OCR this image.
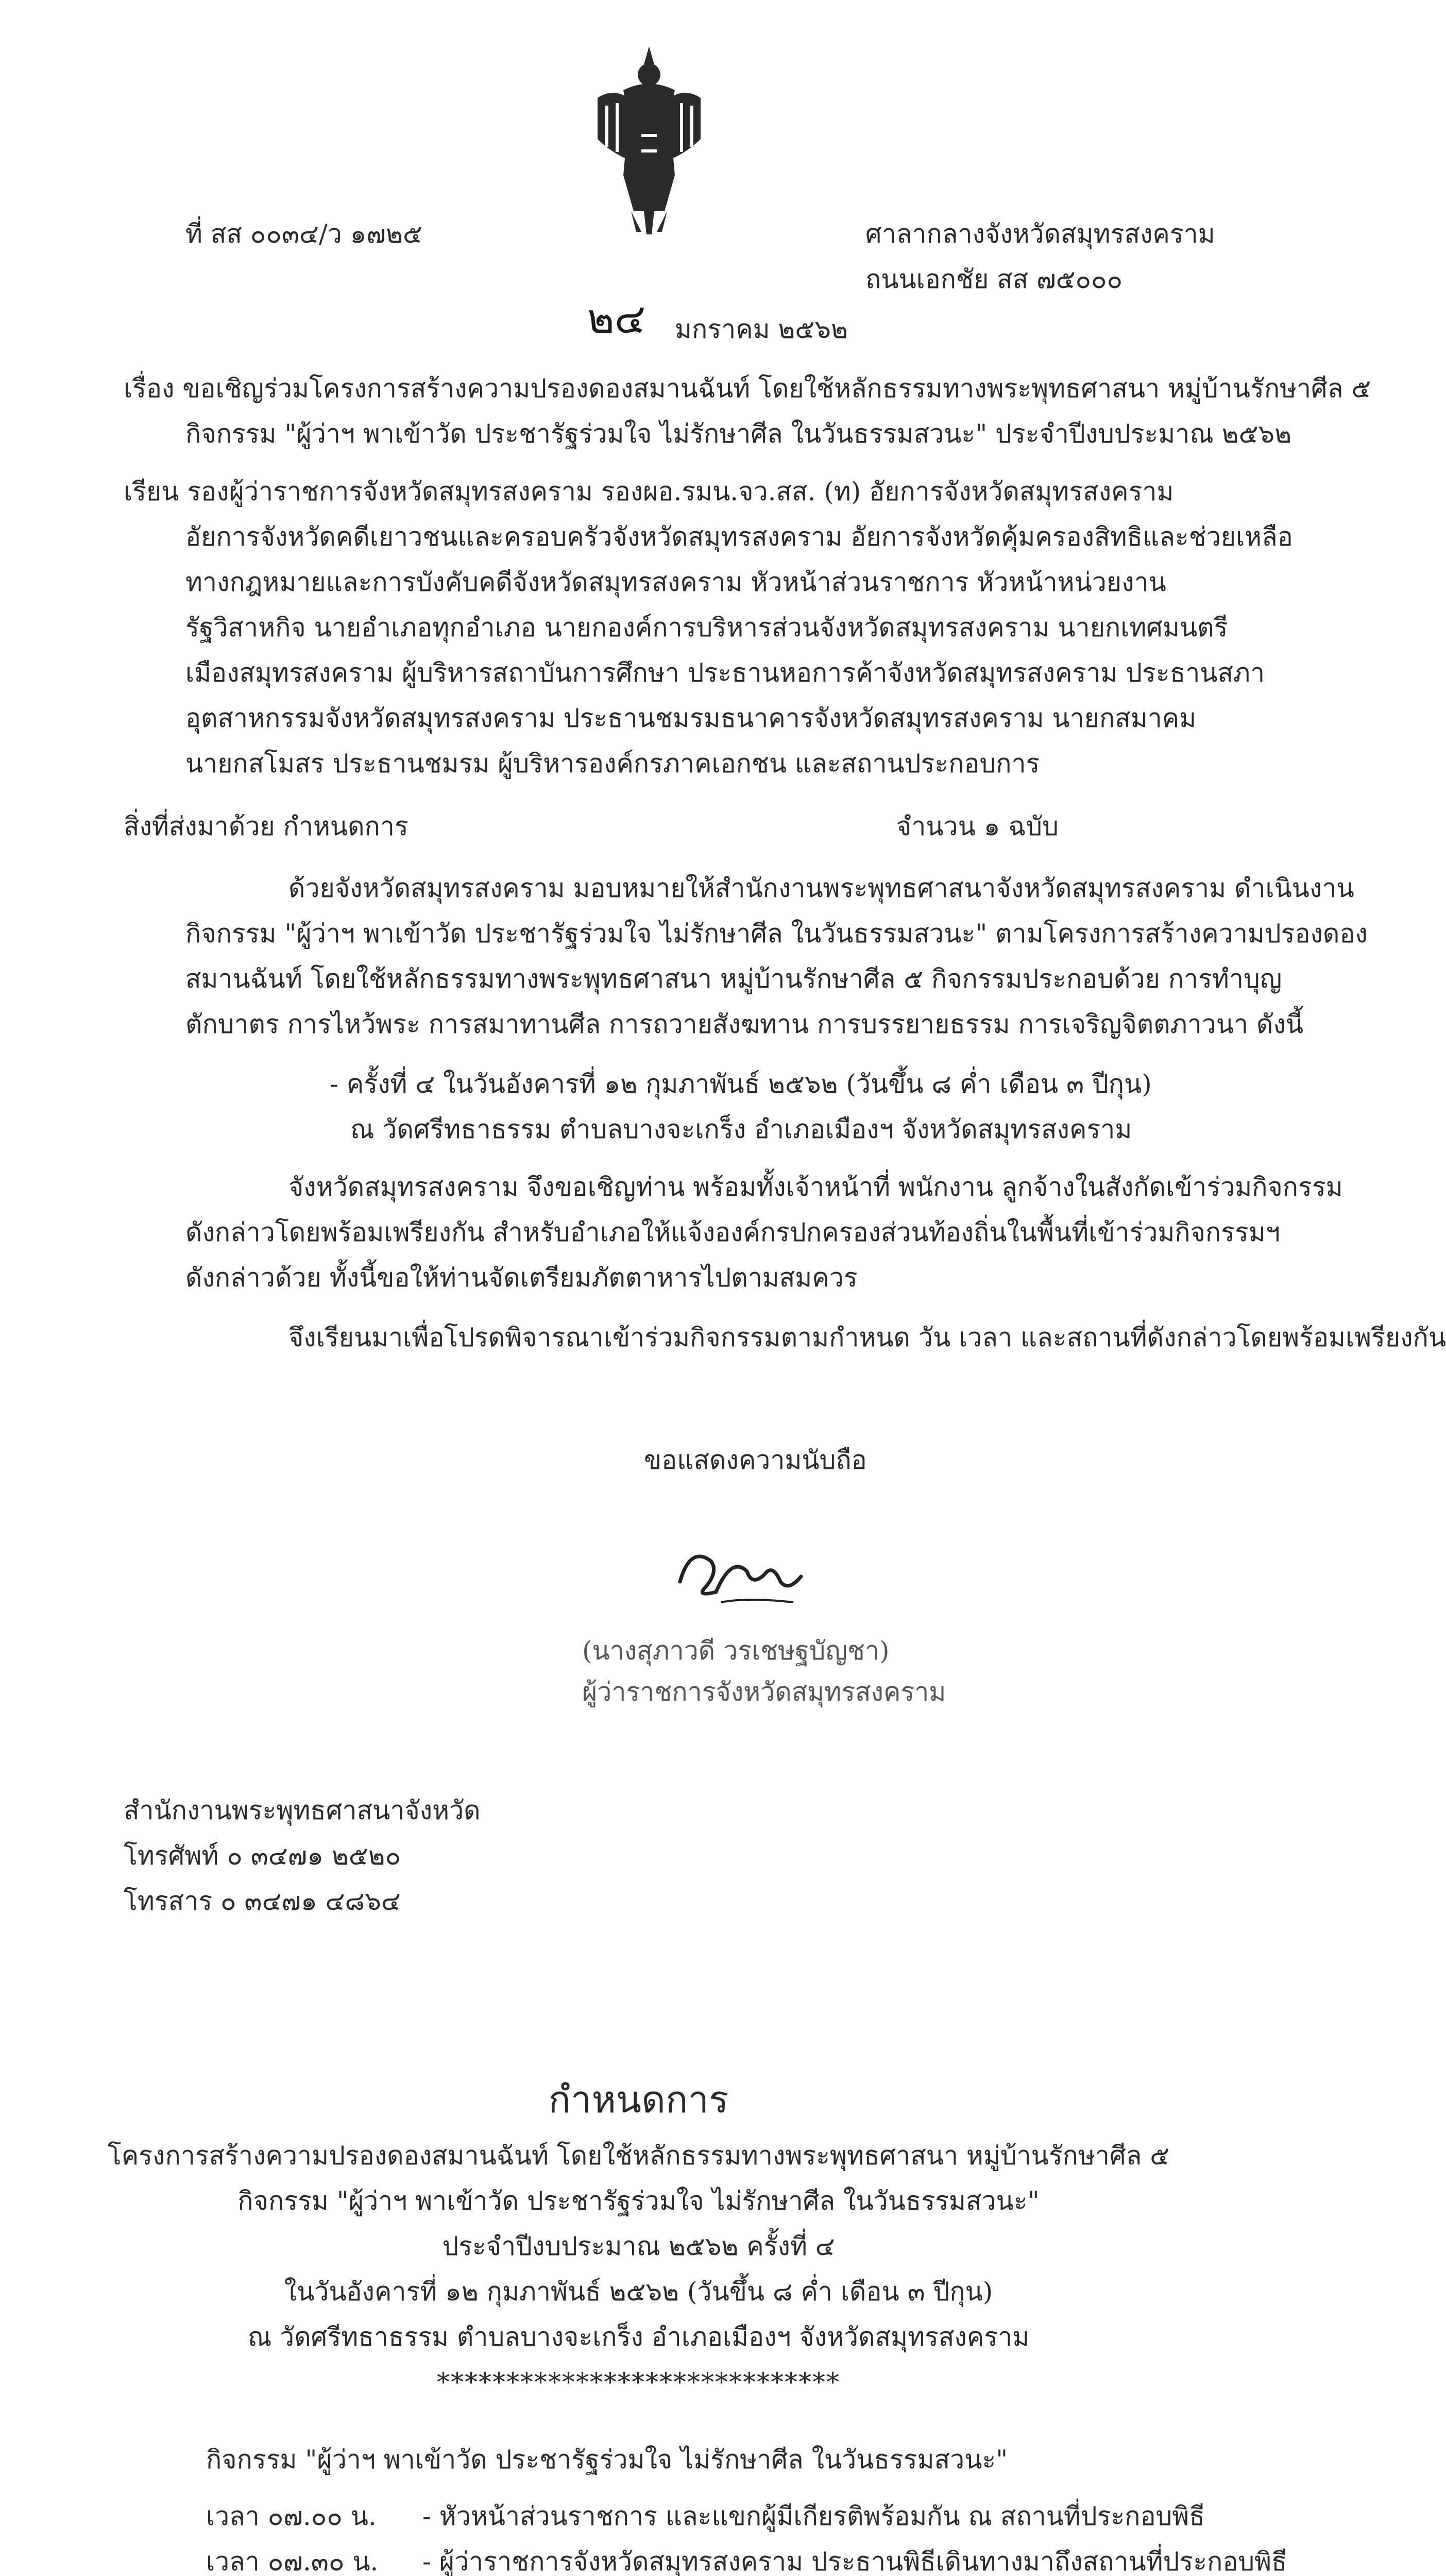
ที่ สส ๐๐๓๔/ว ๑๗๒๕	ศาลากลางจังหวัดสมุทรสงคราม
ถนนเอกชัย สส ๗๕๐๐๐
๒๔ มกราคม ๒๕๖๒
เรื่อง ขอเชิญร่วมโครงการสร้างความปรองดองสมานฉันท์ โดยใช้หลักธรรมทางพระพุทธศาสนา หมู่บ้านรักษาศีล ๕
กิจกรรม "ผู้ว่าฯ พาเข้าวัด ประชารัฐร่วมใจ ไม่รักษาศีล ในวันธรรมสวนะ" ประจำปีงบประมาณ ๒๕๖๒
เรียน รองผู้ว่าราชการจังหวัดสมุทรสงคราม รองผอ.รมน.จว.สส. (ท) อัยการจังหวัดสมุทรสงคราม
อัยการจังหวัดคดีเยาวชนและครอบครัวจังหวัดสมุทรสงคราม อัยการจังหวัดคุ้มครองสิทธิและช่วยเหลือ
ทางกฎหมายและการบังคับคดีจังหวัดสมุทรสงคราม หัวหน้าส่วนราชการ หัวหน้าหน่วยงาน
รัฐวิสาหกิจ นายอำเภอทุกอำเภอ นายกองค์การบริหารส่วนจังหวัดสมุทรสงคราม นายกเทศมนตรี
เมืองสมุทรสงคราม ผู้บริหารสถาบันการศึกษา ประธานหอการค้าจังหวัดสมุทรสงคราม ประธานสภา
อุตสาหกรรมจังหวัดสมุทรสงคราม ประธานชมรมธนาคารจังหวัดสมุทรสงคราม นายกสมาคม
นายกสโมสร ประธานชมรม ผู้บริหารองค์กรภาคเอกชน และสถานประกอบการ
สิ่งที่ส่งมาด้วย กำหนดการ	จำนวน ๑ ฉบับ
ด้วยจังหวัดสมุทรสงคราม มอบหมายให้สำนักงานพระพุทธศาสนาจังหวัดสมุทรสงคราม ดำเนินงาน
กิจกรรม "ผู้ว่าฯ พาเข้าวัด ประชารัฐร่วมใจ ไม่รักษาศีล ในวันธรรมสวนะ" ตามโครงการสร้างความปรองดอง
สมานฉันท์ โดยใช้หลักธรรมทางพระพุทธศาสนา หมู่บ้านรักษาศีล ๕ กิจกรรมประกอบด้วย การทำบุญ
ตักบาตร การไหว้พระ การสมาทานศีล การถวายสังฆทาน การบรรยายธรรม การเจริญจิตตภาวนา ดังนี้
- ครั้งที่ ๔ ในวันอังคารที่ ๑๒ กุมภาพันธ์ ๒๕๖๒ (วันขึ้น ๘ ค่ำ เดือน ๓ ปีกุน)
ณ วัดศรีทธาธรรม ตำบลบางจะเกร็ง อำเภอเมืองฯ จังหวัดสมุทรสงคราม
จังหวัดสมุทรสงคราม จึงขอเชิญท่าน พร้อมทั้งเจ้าหน้าที่ พนักงาน ลูกจ้างในสังกัดเข้าร่วมกิจกรรม
ดังกล่าวโดยพร้อมเพรียงกัน สำหรับอำเภอให้แจ้งองค์กรปกครองส่วนท้องถิ่นในพื้นที่เข้าร่วมกิจกรรมฯ
ดังกล่าวด้วย ทั้งนี้ขอให้ท่านจัดเตรียมภัตตาหารไปตามสมควร
จึงเรียนมาเพื่อโปรดพิจารณาเข้าร่วมกิจกรรมตามกำหนด วัน เวลา และสถานที่ดังกล่าวโดยพร้อมเพรียงกัน
ขอแสดงความนับถือ
(นางสุภาวดี วรเชษฐบัญชา)
ผู้ว่าราชการจังหวัดสมุทรสงคราม
สำนักงานพระพุทธศาสนาจังหวัด
โทรศัพท์ ๐ ๓๔๗๑ ๒๕๒๐
โทรสาร ๐ ๓๔๗๑ ๔๘๖๔
กำหนดการ
โครงการสร้างความปรองดองสมานฉันท์ โดยใช้หลักธรรมทางพระพุทธศาสนา หมู่บ้านรักษาศีล ๕
กิจกรรม "ผู้ว่าฯ พาเข้าวัด ประชารัฐร่วมใจ ไม่รักษาศีล ในวันธรรมสวนะ"
ประจำปีงบประมาณ ๒๕๖๒ ครั้งที่ ๔
ในวันอังคารที่ ๑๒ กุมภาพันธ์ ๒๕๖๒ (วันขึ้น ๘ ค่ำ เดือน ๓ ปีกุน)
ณ วัดศรีทธาธรรม ตำบลบางจะเกร็ง อำเภอเมืองฯ จังหวัดสมุทรสงคราม
*****************************
กิจกรรม "ผู้ว่าฯ พาเข้าวัด ประชารัฐร่วมใจ ไม่รักษาศีล ในวันธรรมสวนะ"
เวลา ๐๗.๐๐ น. - หัวหน้าส่วนราชการ และแขกผู้มีเกียรติพร้อมกัน ณ สถานที่ประกอบพิธี
เวลา ๐๗.๓๐ น. - ผู้ว่าราชการจังหวัดสมุทรสงคราม ประธานพิธีเดินทางมาถึงสถานที่ประกอบพิธี
